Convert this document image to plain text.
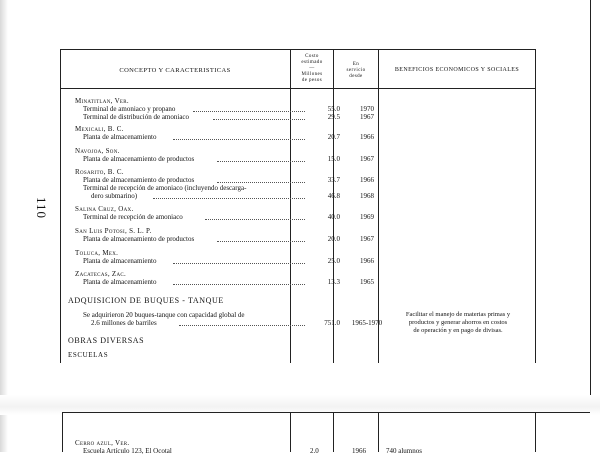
110
CONCEPTO Y CARACTERISTICAS
Costo
estimado
—
Millones
de pesos
En
servicio
desde
BENEFICIOS ECONOMICOS Y SOCIALES
Minatitlan, Ver.
Terminal de amoniaco y propano	55.0	1970
Terminal de distribución de amoniaco	29.5	1967
Mexicali, B. C.
Planta de almacenamiento	20.7	1966
Navojoa, Son.
Planta de almacenamiento de productos	15.0	1967
Rosarito, B. C.
Planta de almacenamiento de productos	33.7	1966
Terminal de recepción de amoniaco (incluyendo descarga-
dero submarino)	46.8	1968
Salina Cruz, Oax.
Terminal de recepción de amoniaco	40.0	1969
San Luis Potosi, S. L. P.
Planta de almacenamiento de productos	20.0	1967
Toluca, Mex.
Planta de almacenamiento	25.0	1966
Zacatecas, Zac.
Planta de almacenamiento	13.3	1965
ADQUISICION DE BUQUES - TANQUE
Se adquirieron 20 buques-tanque con capacidad global de
2.6 millones de barriles	751.0	1965-1970
Facilitar el manejo de materias primas y
productos y generar ahorros en costos
de operación y en pago de divisas.
OBRAS DIVERSAS
ESCUELAS
Cerro azul, Ver.
Escuela Artículo 123, El Ocotal	2.0	1966	740 alumnos
